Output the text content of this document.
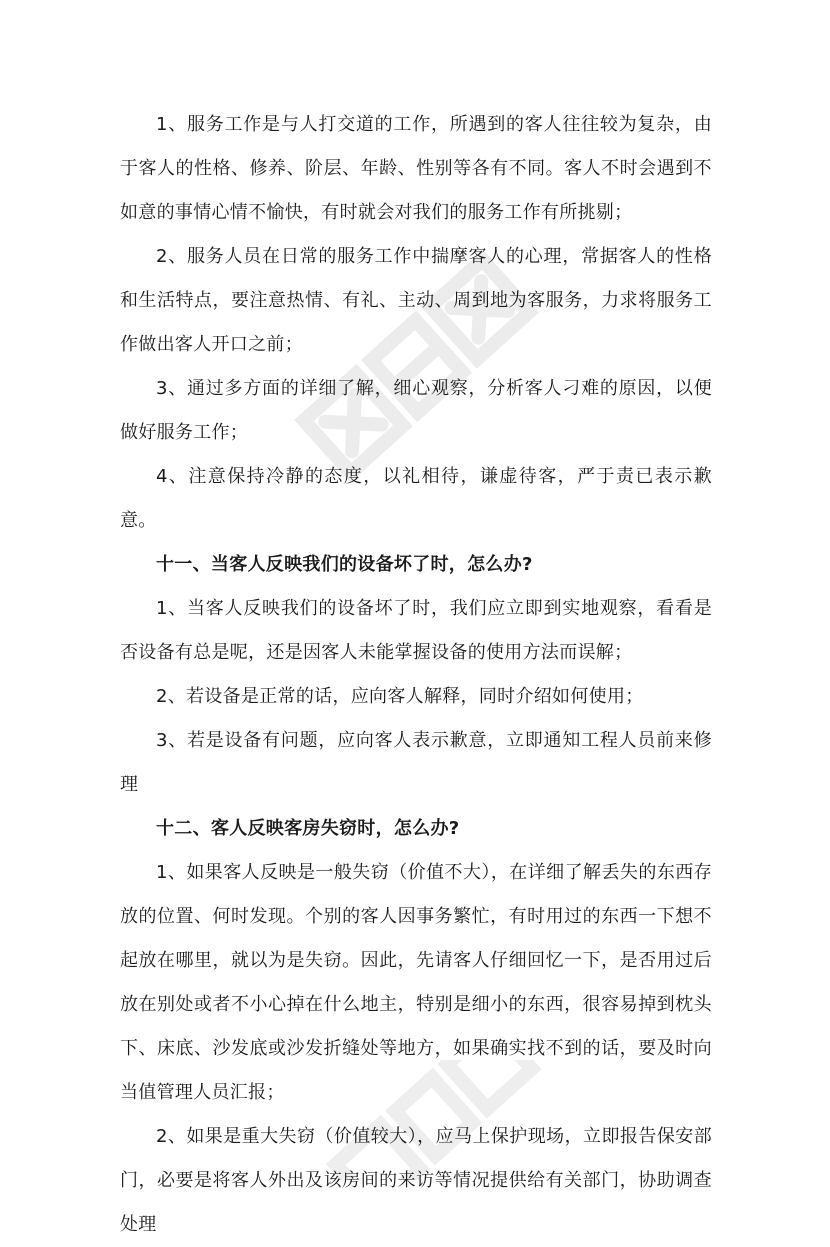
1、服务工作是与人打交道的工作，所遇到的客人往往较为复杂，由于客人的性格、修养、阶层、年龄、性别等各有不同。客人不时会遇到不如意的事情心情不愉快，有时就会对我们的服务工作有所挑剔；

2、服务人员在日常的服务工作中揣摩客人的心理，常据客人的性格和生活特点，要注意热情、有礼、主动、周到地为客服务，力求将服务工作做出客人开口之前；

3、通过多方面的详细了解，细心观察，分析客人刁难的原因，以便做好服务工作；

4、注意保持冷静的态度，以礼相待，谦虚待客，严于责已表示歉意。

十一、当客人反映我们的设备坏了时，怎么办?

1、当客人反映我们的设备坏了时，我们应立即到实地观察，看看是否设备有总是呢，还是因客人未能掌握设备的使用方法而误解；

2、若设备是正常的话，应向客人解释，同时介绍如何使用；

3、若是设备有问题，应向客人表示歉意，立即通知工程人员前来修理

十二、客人反映客房失窃时，怎么办?

1、如果客人反映是一般失窃（价值不大），在详细了解丢失的东西存放的位置、何时发现。个别的客人因事务繁忙，有时用过的东西一下想不起放在哪里，就以为是失窃。因此，先请客人仔细回忆一下，是否用过后放在别处或者不小心掉在什么地主，特别是细小的东西，很容易掉到枕头下、床底、沙发底或沙发折缝处等地方，如果确实找不到的话，要及时向当值管理人员汇报；

2、如果是重大失窃（价值较大），应马上保护现场，立即报告保安部门，必要是将客人外出及该房间的来访等情况提供给有关部门，协助调查处理
